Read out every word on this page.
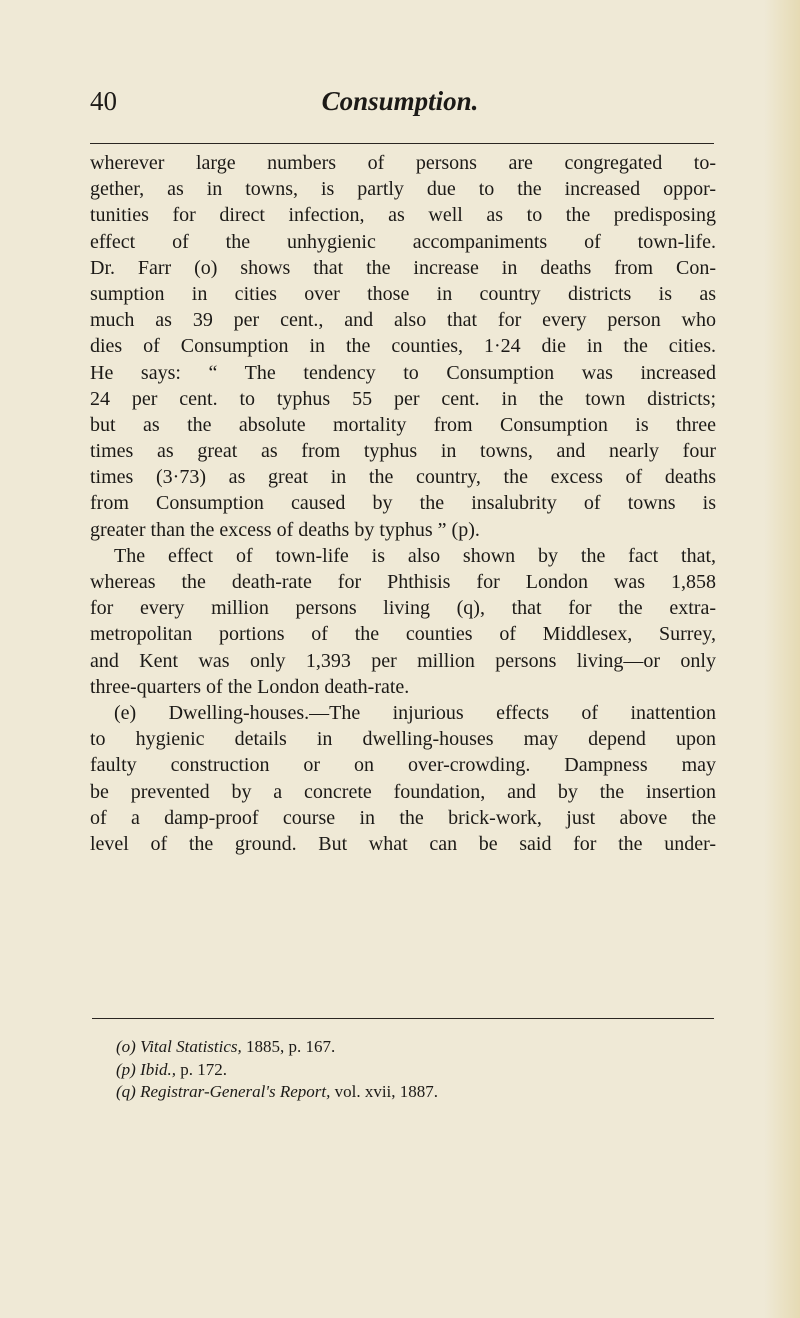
40	Consumption.
wherever large numbers of persons are congregated to-
gether, as in towns, is partly due to the increased oppor-
tunities for direct infection, as well as to the predisposing
effect of the unhygienic accompaniments of town-life.
Dr. Farr (o) shows that the increase in deaths from Con-
sumption in cities over those in country districts is as
much as 39 per cent., and also that for every person who
dies of Consumption in the counties, 1·24 die in the cities.
He says: “ The tendency to Consumption was increased
24 per cent. to typhus 55 per cent. in the town districts;
but as the absolute mortality from Consumption is three
times as great as from typhus in towns, and nearly four
times (3·73) as great in the country, the excess of deaths
from Consumption caused by the insalubrity of towns is
greater than the excess of deaths by typhus ” (p).
The effect of town-life is also shown by the fact that,
whereas the death-rate for Phthisis for London was 1,858
for every million persons living (q), that for the extra-
metropolitan portions of the counties of Middlesex, Surrey,
and Kent was only 1,393 per million persons living—or only
three-quarters of the London death-rate.
(e) Dwelling-houses.—The injurious effects of inattention
to hygienic details in dwelling-houses may depend upon
faulty construction or on over-crowding. Dampness may
be prevented by a concrete foundation, and by the insertion
of a damp-proof course in the brick-work, just above the
level of the ground. But what can be said for the under-
(o) Vital Statistics, 1885, p. 167.
(p) Ibid., p. 172.
(q) Registrar-General's Report, vol. xvii, 1887.
